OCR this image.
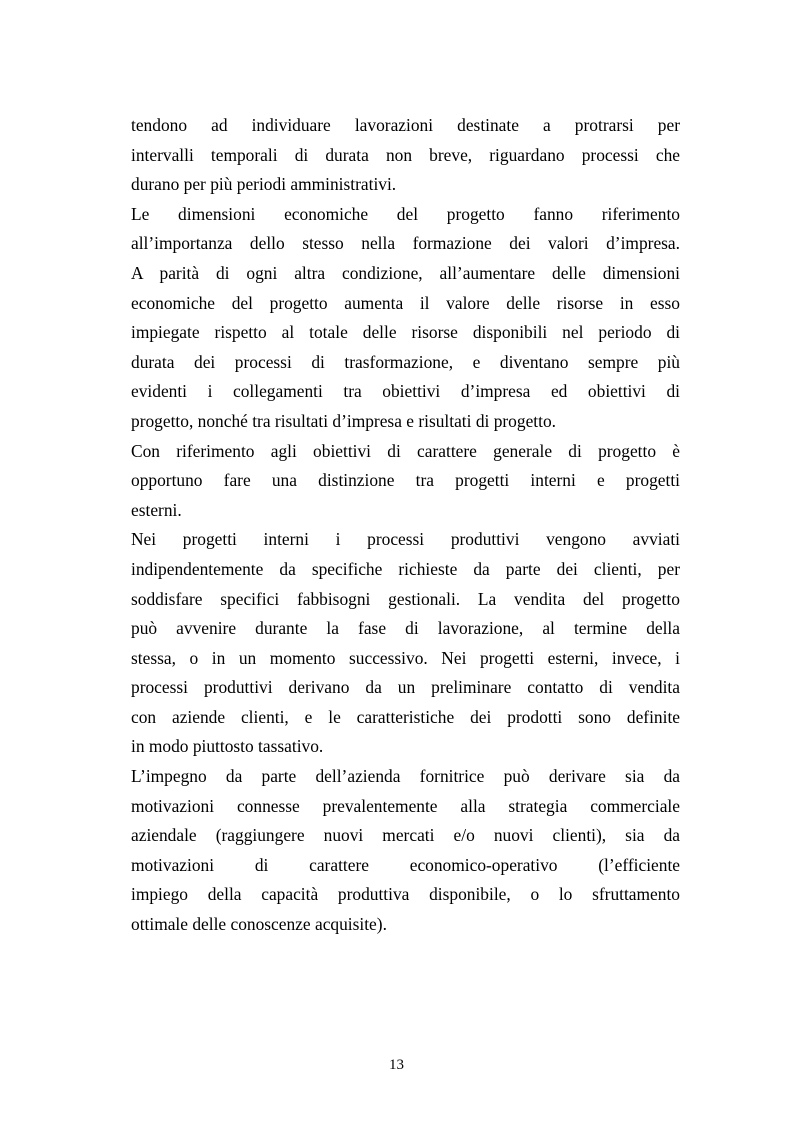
tendono ad individuare lavorazioni destinate a protrarsi per
intervalli temporali di durata non breve, riguardano processi che
durano per più periodi amministrativi.

Le dimensioni economiche del progetto fanno riferimento
all’importanza dello stesso nella formazione dei valori d’impresa.
A parità di ogni altra condizione, all’aumentare delle dimensioni
economiche del progetto aumenta il valore delle risorse in esso
impiegate rispetto al totale delle risorse disponibili nel periodo di
durata dei processi di trasformazione, e diventano sempre più
evidenti i collegamenti tra obiettivi d’impresa ed obiettivi di
progetto, nonché tra risultati d’impresa e risultati di progetto.

Con riferimento agli obiettivi di carattere generale di progetto è
opportuno fare una distinzione tra progetti interni e progetti
esterni.

Nei progetti interni i processi produttivi vengono avviati
indipendentemente da specifiche richieste da parte dei clienti, per
soddisfare specifici fabbisogni gestionali. La vendita del progetto
può avvenire durante la fase di lavorazione, al termine della
stessa, o in un momento successivo. Nei progetti esterni, invece, i
processi produttivi derivano da un preliminare contatto di vendita
con aziende clienti, e le caratteristiche dei prodotti sono definite
in modo piuttosto tassativo.

L’impegno da parte dell’azienda fornitrice può derivare sia da
motivazioni connesse prevalentemente alla strategia commerciale
aziendale (raggiungere nuovi mercati e/o nuovi clienti), sia da
motivazioni di carattere economico-operativo (l’efficiente
impiego della capacità produttiva disponibile, o lo sfruttamento
ottimale delle conoscenze acquisite).

13
